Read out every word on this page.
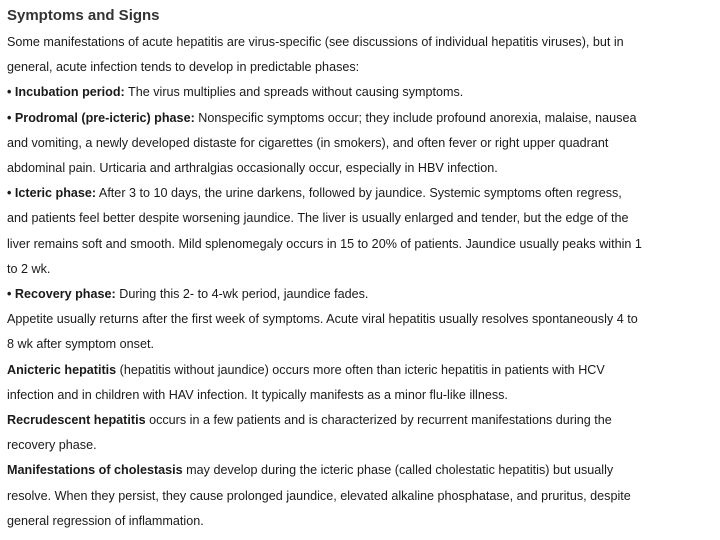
Symptoms and Signs
Some manifestations of acute hepatitis are virus-specific (see discussions of individual hepatitis viruses), but in
general, acute infection tends to develop in predictable phases:
• Incubation period: The virus multiplies and spreads without causing symptoms.
• Prodromal (pre-icteric) phase: Nonspecific symptoms occur; they include profound anorexia, malaise, nausea
and vomiting, a newly developed distaste for cigarettes (in smokers), and often fever or right upper quadrant
abdominal pain. Urticaria and arthralgias occasionally occur, especially in HBV infection.
• Icteric phase: After 3 to 10 days, the urine darkens, followed by jaundice. Systemic symptoms often regress,
and patients feel better despite worsening jaundice. The liver is usually enlarged and tender, but the edge of the
liver remains soft and smooth. Mild splenomegaly occurs in 15 to 20% of patients. Jaundice usually peaks within 1
to 2 wk.
• Recovery phase: During this 2- to 4-wk period, jaundice fades.
Appetite usually returns after the first week of symptoms. Acute viral hepatitis usually resolves spontaneously 4 to
8 wk after symptom onset.
Anicteric hepatitis (hepatitis without jaundice) occurs more often than icteric hepatitis in patients with HCV
infection and in children with HAV infection. It typically manifests as a minor flu-like illness.
Recrudescent hepatitis occurs in a few patients and is characterized by recurrent manifestations during the
recovery phase.
Manifestations of cholestasis may develop during the icteric phase (called cholestatic hepatitis) but usually
resolve. When they persist, they cause prolonged jaundice, elevated alkaline phosphatase, and pruritus, despite
general regression of inflammation.
